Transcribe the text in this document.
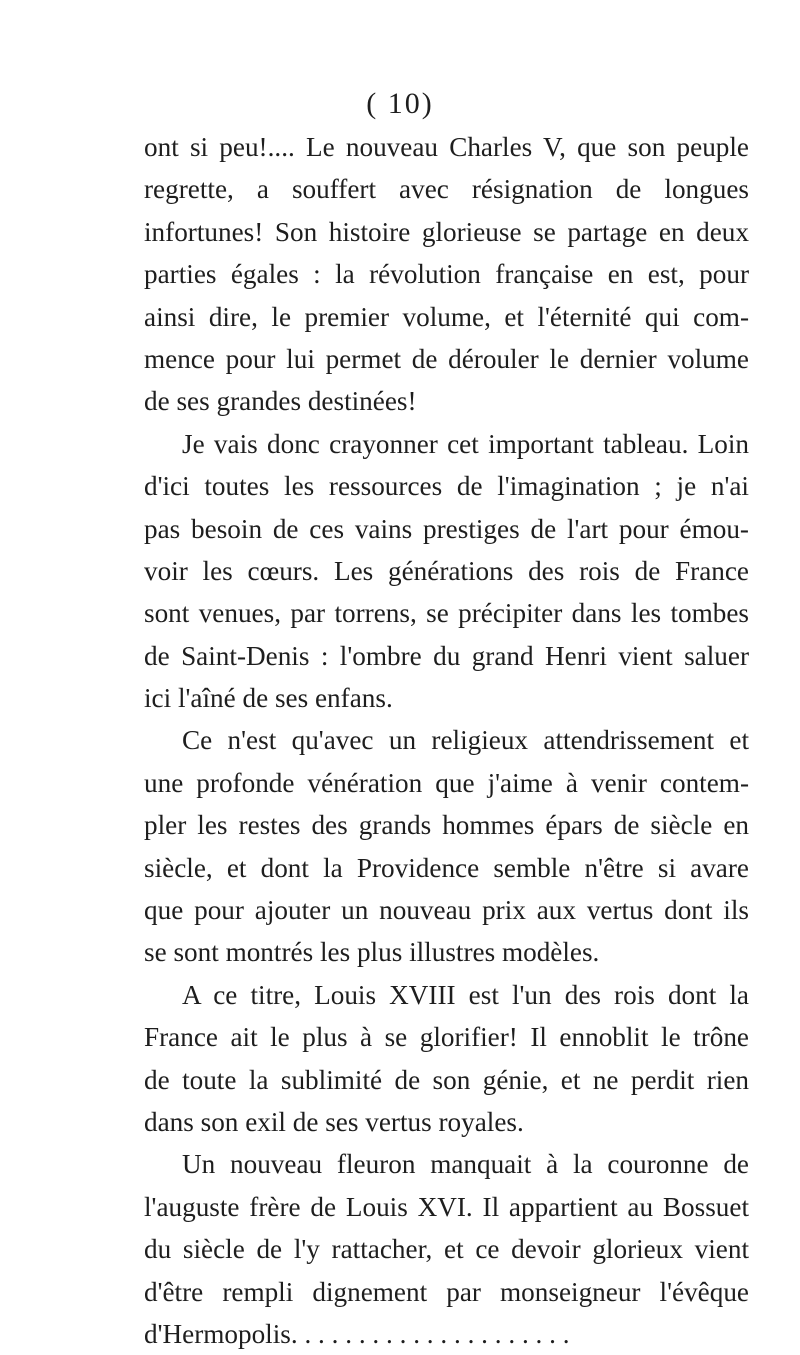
( 10)
ont si peu!.... Le nouveau Charles V, que son peuple
regrette, a souffert avec résignation de longues
infortunes! Son histoire glorieuse se partage en deux
parties égales : la révolution française en est, pour
ainsi dire, le premier volume, et l'éternité qui com-
mence pour lui permet de dérouler le dernier volume
de ses grandes destinées!
Je vais donc crayonner cet important tableau. Loin
d'ici toutes les ressources de l'imagination ; je n'ai
pas besoin de ces vains prestiges de l'art pour émou-
voir les cœurs. Les générations des rois de France
sont venues, par torrens, se précipiter dans les tombes
de Saint-Denis : l'ombre du grand Henri vient saluer
ici l'aîné de ses enfans.
Ce n'est qu'avec un religieux attendrissement et
une profonde vénération que j'aime à venir contem-
pler les restes des grands hommes épars de siècle en
siècle, et dont la Providence semble n'être si avare
que pour ajouter un nouveau prix aux vertus dont ils
se sont montrés les plus illustres modèles.
A ce titre, Louis XVIII est l'un des rois dont la
France ait le plus à se glorifier! Il ennoblit le trône
de toute la sublimité de son génie, et ne perdit rien
dans son exil de ses vertus royales.
Un nouveau fleuron manquait à la couronne de
l'auguste frère de Louis XVI. Il appartient au Bossuet
du siècle de l'y rattacher, et ce devoir glorieux vient
d'être rempli dignement par monseigneur l'évêque
d'Hermopolis. . . . . . . . . . . . . . . . . . . . .
